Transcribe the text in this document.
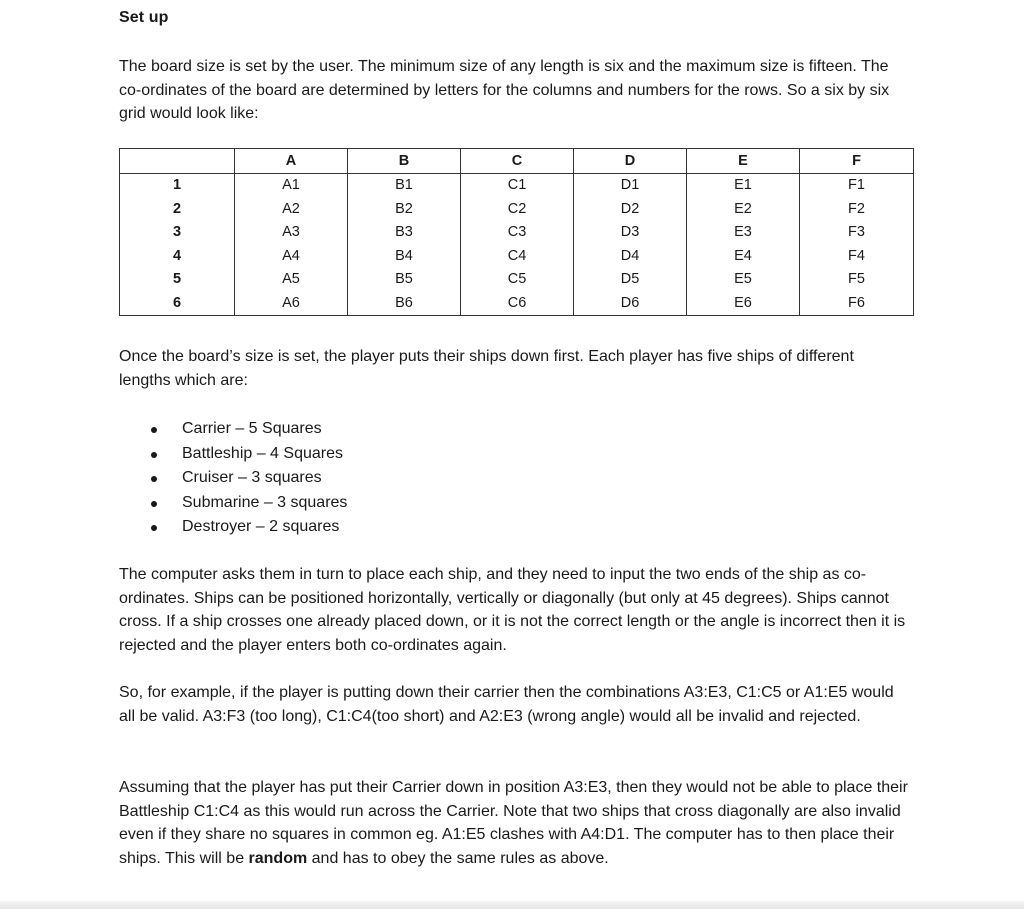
Set up

The board size is set by the user. The minimum size of any length is six and the maximum size is fifteen. The co-ordinates of the board are determined by letters for the columns and numbers for the rows. So a six by six grid would look like:

	A	B	C	D	E	F
1	A1	B1	C1	D1	E1	F1
2	A2	B2	C2	D2	E2	F2
3	A3	B3	C3	D3	E3	F3
4	A4	B4	C4	D4	E4	F4
5	A5	B5	C5	D5	E5	F5
6	A6	B6	C6	D6	E6	F6

Once the board’s size is set, the player puts their ships down first. Each player has five ships of different lengths which are:

Carrier – 5 Squares
Battleship – 4 Squares
Cruiser – 3 squares
Submarine – 3 squares
Destroyer – 2 squares

The computer asks them in turn to place each ship, and they need to input the two ends of the ship as co-ordinates. Ships can be positioned horizontally, vertically or diagonally (but only at 45 degrees). Ships cannot cross. If a ship crosses one already placed down, or it is not the correct length or the angle is incorrect then it is rejected and the player enters both co-ordinates again.

So, for example, if the player is putting down their carrier then the combinations A3:E3, C1:C5 or A1:E5 would all be valid. A3:F3 (too long), C1:C4(too short) and A2:E3 (wrong angle) would all be invalid and rejected.

Assuming that the player has put their Carrier down in position A3:E3, then they would not be able to place their Battleship C1:C4 as this would run across the Carrier. Note that two ships that cross diagonally are also invalid even if they share no squares in common eg. A1:E5 clashes with A4:D1. The computer has to then place their ships. This will be random and has to obey the same rules as above.
